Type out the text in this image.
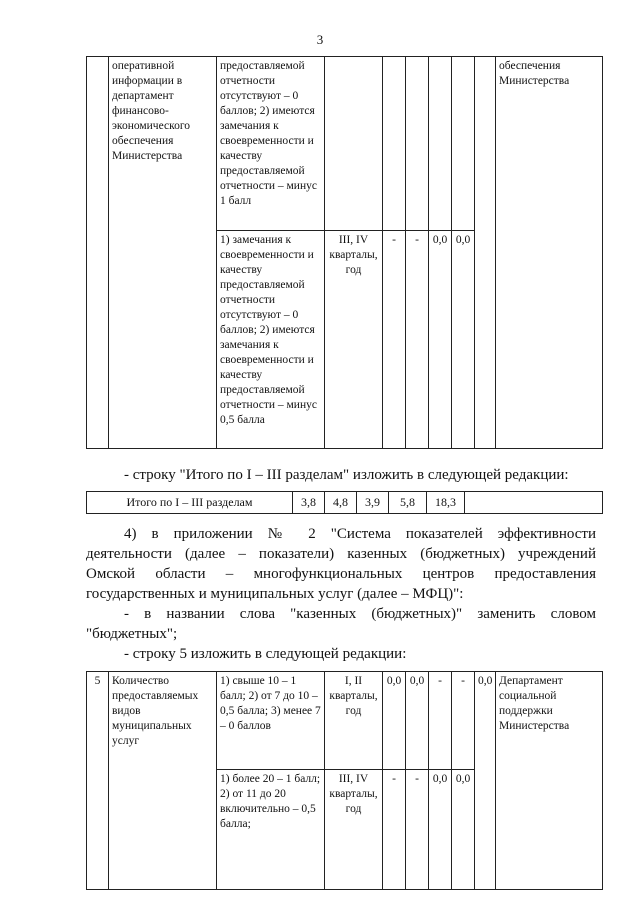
3
	оперативной информации в департамент финансово-экономического обеспечения Министерства	предоставляемой отчетности отсутствуют – 0 баллов; 2) имеются замечания к своевременности и качеству предоставляемой отчетности – минус 1 балл							обеспечения Министерства
		1) замечания к своевременности и качеству предоставляемой отчетности отсутствуют – 0 баллов; 2) имеются замечания к своевременности и качеству предоставляемой отчетности – минус 0,5 балла	III, IV кварталы, год	-	-	0,0	0,0		
- строку "Итого по I – III разделам" изложить в следующей редакции:
Итого по I – III разделам	3,8	4,8	3,9	5,8	18,3	
4) в приложении № 2 "Система показателей эффективности
деятельности (далее – показатели) казенных (бюджетных) учреждений
Омской области – многофункциональных центров предоставления
государственных и муниципальных услуг (далее – МФЦ)":
- в названии слова "казенных (бюджетных)" заменить словом
"бюджетных";
- строку 5 изложить в следующей редакции:
5	Количество предоставляемых видов муниципальных услуг	1) свыше 10 – 1 балл; 2) от 7 до 10 – 0,5 балла; 3) менее 7 – 0 баллов	I, II кварталы, год	0,0	0,0	-	-	0,0	Департамент социальной поддержки Министерства
		1) более 20 – 1 балл; 2) от 11 до 20 включительно – 0,5 балла;	III, IV кварталы, год	-	-	0,0	0,0		
